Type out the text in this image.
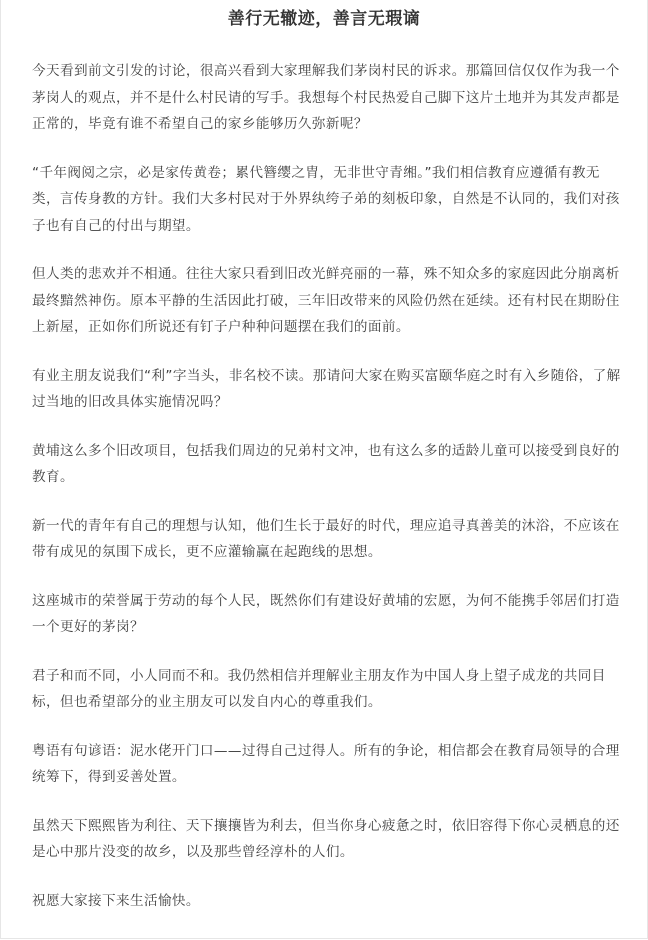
善行无辙迹，善言无瑕谪

今天看到前文引发的讨论，很高兴看到大家理解我们茅岗村民的诉求。那篇回信仅仅作为我一个茅岗人的观点，并不是什么村民请的写手。我想每个村民热爱自己脚下这片土地并为其发声都是正常的，毕竟有谁不希望自己的家乡能够历久弥新呢？

“千年阀阅之宗，必是家传黄卷；累代簪缨之胄，无非世守青缃。”我们相信教育应遵循有教无类，言传身教的方针。我们大多村民对于外界纨绔子弟的刻板印象，自然是不认同的，我们对孩子也有自己的付出与期望。

但人类的悲欢并不相通。往往大家只看到旧改光鲜亮丽的一幕，殊不知众多的家庭因此分崩离析最终黯然神伤。原本平静的生活因此打破，三年旧改带来的风险仍然在延续。还有村民在期盼住上新屋，正如你们所说还有钉子户种种问题摆在我们的面前。

有业主朋友说我们“利”字当头，非名校不读。那请问大家在购买富颐华庭之时有入乡随俗，了解过当地的旧改具体实施情况吗？

黄埔这么多个旧改项目，包括我们周边的兄弟村文冲，也有这么多的适龄儿童可以接受到良好的教育。

新一代的青年有自己的理想与认知，他们生长于最好的时代，理应追寻真善美的沐浴，不应该在带有成见的氛围下成长，更不应灌输赢在起跑线的思想。

这座城市的荣誉属于劳动的每个人民，既然你们有建设好黄埔的宏愿，为何不能携手邻居们打造一个更好的茅岗？

君子和而不同，小人同而不和。我仍然相信并理解业主朋友作为中国人身上望子成龙的共同目标，但也希望部分的业主朋友可以发自内心的尊重我们。

粤语有句谚语：泥水佬开门口——过得自己过得人。所有的争论，相信都会在教育局领导的合理统筹下，得到妥善处置。

虽然天下熙熙皆为利往、天下攘攘皆为利去，但当你身心疲惫之时，依旧容得下你心灵栖息的还是心中那片没变的故乡，以及那些曾经淳朴的人们。

祝愿大家接下来生活愉快。
